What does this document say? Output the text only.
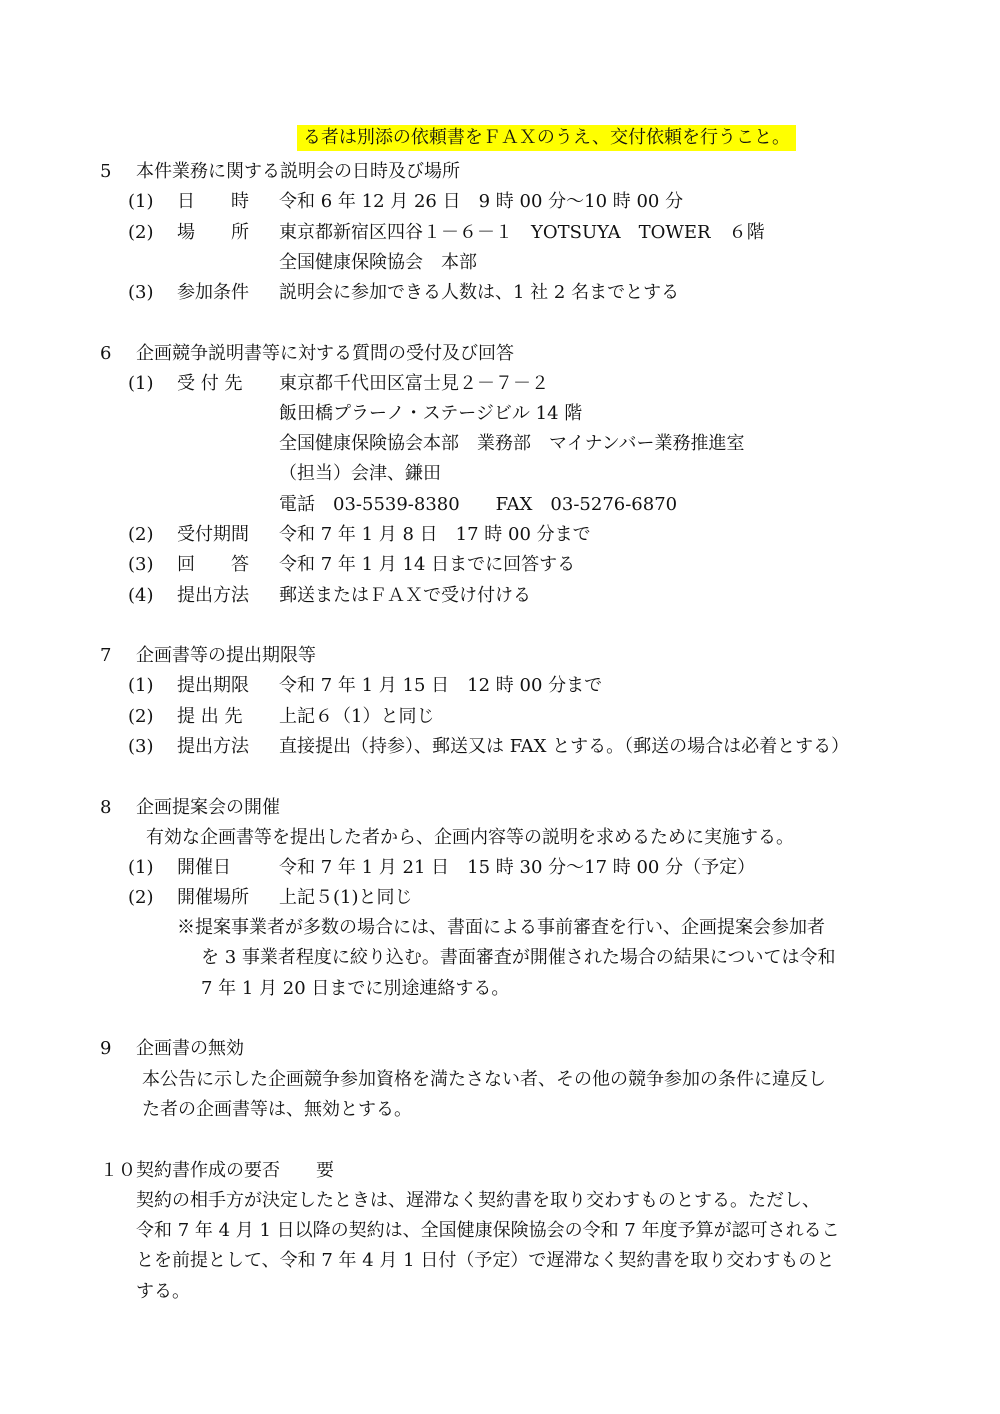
る者は別添の依頼書をＦＡＸのうえ、交付依頼を行うこと。

5 本件業務に関する説明会の日時及び場所
(1) 日　　時 令和 6 年 12 月 26 日　9 時 00 分～10 時 00 分
(2) 場　　所 東京都新宿区四谷１－６－１　YOTSUYA　TOWER　６階
全国健康保険協会　本部
(3) 参加条件 説明会に参加できる人数は、1 社 2 名までとする
6 企画競争説明書等に対する質問の受付及び回答
(1) 受 付 先 東京都千代田区富士見２－７－２
飯田橋プラーノ・ステージビル 14 階
全国健康保険協会本部　業務部　マイナンバー業務推進室
（担当）会津、鎌田
電話　03-5539-8380　　FAX　03-5276-6870
(2) 受付期間 令和 7 年 1 月 8 日　17 時 00 分まで
(3) 回　　答 令和 7 年 1 月 14 日までに回答する
(4) 提出方法 郵送またはＦＡＸで受け付ける
7 企画書等の提出期限等
(1) 提出期限 令和 7 年 1 月 15 日　12 時 00 分まで
(2) 提 出 先 上記６（1）と同じ
(3) 提出方法 直接提出（持参）、郵送又は FAX とする。（郵送の場合は必着とする）
8 企画提案会の開催
有効な企画書等を提出した者から、企画内容等の説明を求めるために実施する。
(1) 開催日	令和 7 年 1 月 21 日　15 時 30 分～17 時 00 分（予定）
(2) 開催場所 上記５(1)と同じ
※提案事業者が多数の場合には、書面による事前審査を行い、企画提案会参加者
を 3 事業者程度に絞り込む。書面審査が開催された場合の結果については令和
7 年 1 月 20 日までに別途連絡する。
9 企画書の無効
本公告に示した企画競争参加資格を満たさない者、その他の競争参加の条件に違反し
た者の企画書等は、無効とする。
１０契約書作成の要否　　要
契約の相手方が決定したときは、遅滞なく契約書を取り交わすものとする。ただし、
令和 7 年 4 月 1 日以降の契約は、全国健康保険協会の令和 7 年度予算が認可されるこ
とを前提として、令和 7 年 4 月 1 日付（予定）で遅滞なく契約書を取り交わすものと
する。
